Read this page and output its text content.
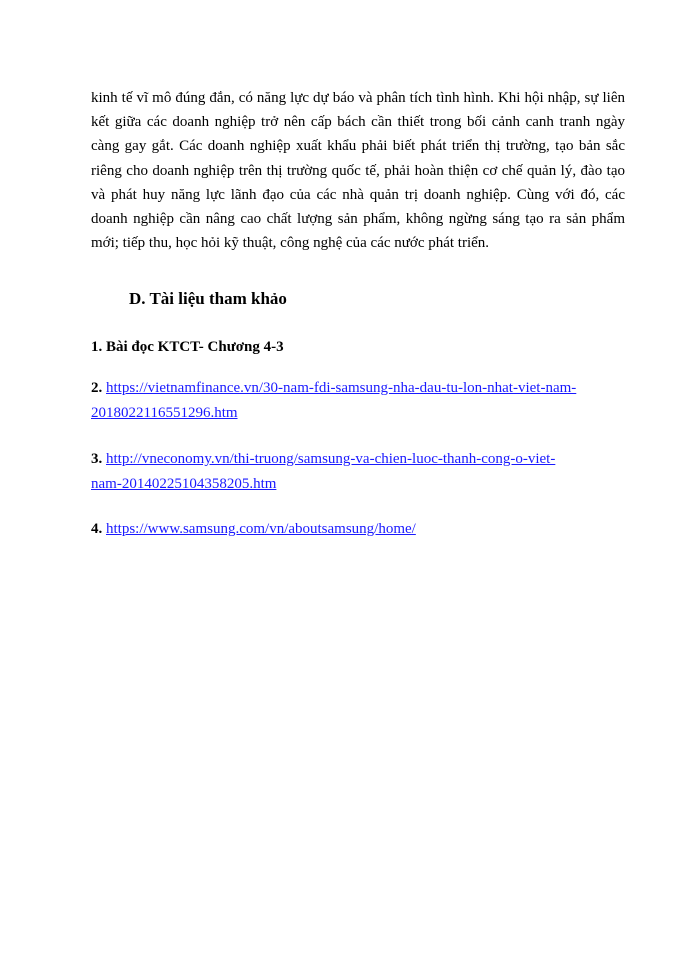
kinh tế vĩ mô đúng đắn, có năng lực dự báo và phân tích tình hình. Khi hội nhập, sự liên
kết giữa các doanh nghiệp trở nên cấp bách cần thiết trong bối cảnh canh tranh ngày
càng gay gắt. Các doanh nghiệp xuất khẩu phải biết phát triển thị trường, tạo bản sắc
riêng cho doanh nghiệp trên thị trường quốc tế, phải hoàn thiện cơ chế quản lý, đào tạo
và phát huy năng lực lãnh đạo của các nhà quản trị doanh nghiệp. Cùng với đó, các
doanh nghiệp cần nâng cao chất lượng sản phẩm, không ngừng sáng tạo ra sản phẩm
mới; tiếp thu, học hỏi kỹ thuật, công nghệ của các nước phát triển.
D. Tài liệu tham khảo
1. Bài đọc KTCT- Chương 4-3
2. https://vietnamfinance.vn/30-nam-fdi-samsung-nha-dau-tu-lon-nhat-viet-nam-
2018022116551296.htm
3. http://vneconomy.vn/thi-truong/samsung-va-chien-luoc-thanh-cong-o-viet-
nam-20140225104358205.htm
4. https://www.samsung.com/vn/aboutsamsung/home/
